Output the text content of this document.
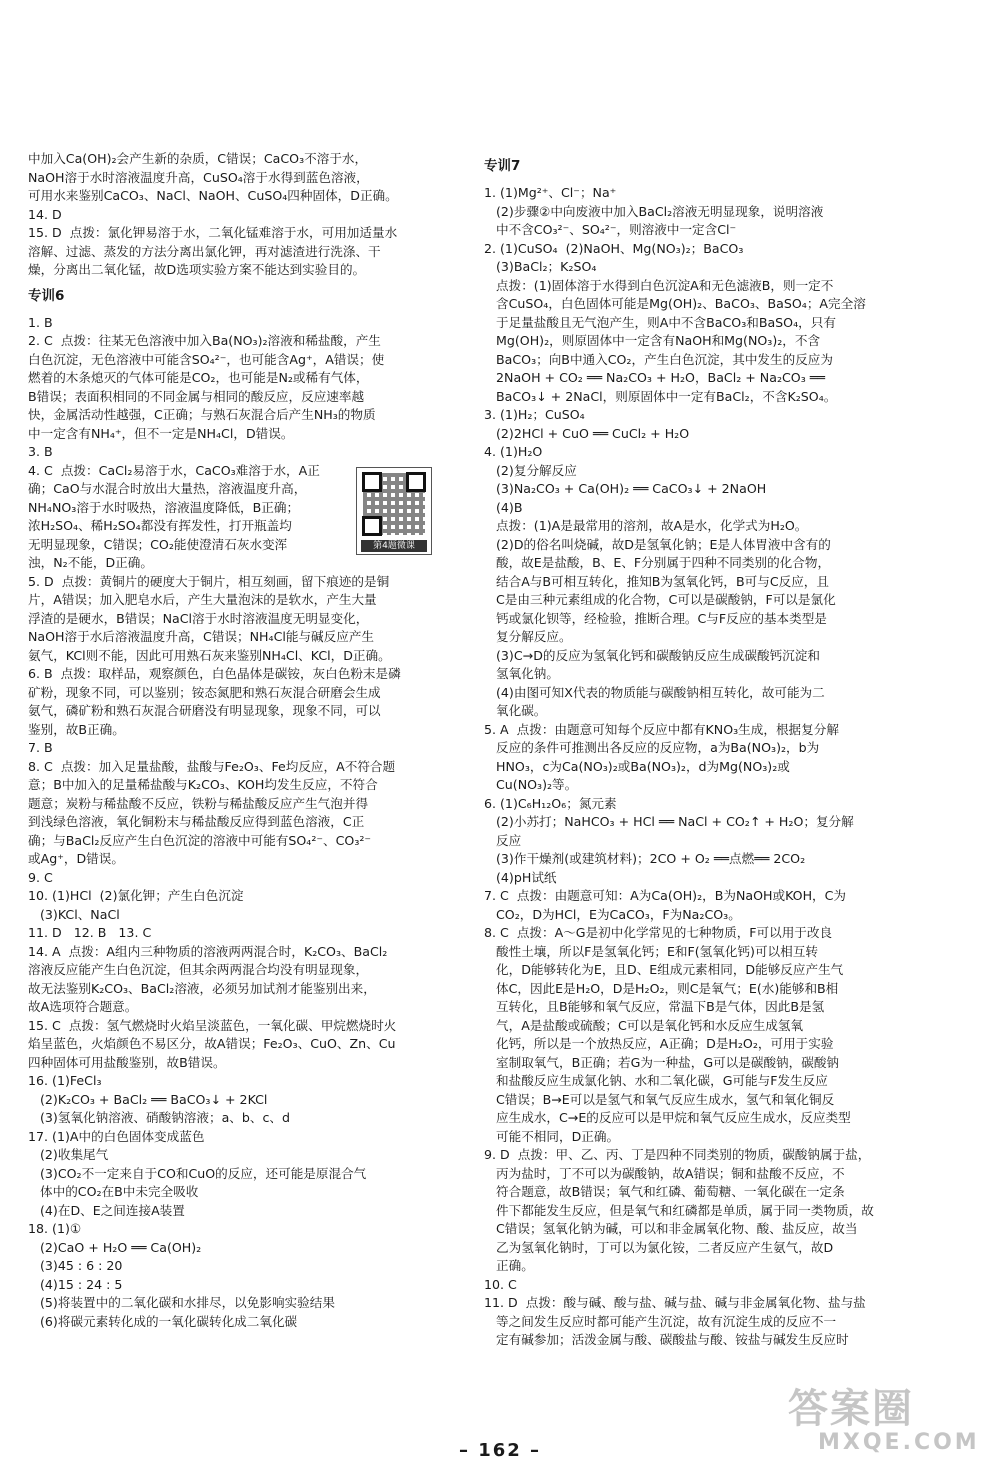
中加入Ca(OH)₂会产生新的杂质，C错误；CaCO₃不溶于水，
NaOH溶于水时溶液温度升高，CuSO₄溶于水得到蓝色溶液，
可用水来鉴别CaCO₃、NaCl、NaOH、CuSO₄四种固体，D正确。
14. D
15. D  点拨：氯化钾易溶于水，二氧化锰难溶于水，可用加适量水
溶解、过滤、蒸发的方法分离出氯化钾，再对滤渣进行洗涤、干
燥，分离出二氧化锰，故D选项实验方案不能达到实验目的。
专训6
1. B
2. C  点拨：往某无色溶液中加入Ba(NO₃)₂溶液和稀盐酸，产生
白色沉淀，无色溶液中可能含SO₄²⁻，也可能含Ag⁺，A错误；使
燃着的木条熄灭的气体可能是CO₂，也可能是N₂或稀有气体，
B错误；表面积相同的不同金属与相同的酸反应，反应速率越
快，金属活动性越强，C正确；与熟石灰混合后产生NH₃的物质
中一定含有NH₄⁺，但不一定是NH₄Cl，D错误。
3. B
4. C  点拨：CaCl₂易溶于水，CaCO₃难溶于水，A正
确；CaO与水混合时放出大量热，溶液温度升高，
NH₄NO₃溶于水时吸热，溶液温度降低，B正确；
浓H₂SO₄、稀H₂SO₄都没有挥发性，打开瓶盖均
无明显现象，C错误；CO₂能使澄清石灰水变浑
浊，N₂不能，D正确。
5. D  点拨：黄铜片的硬度大于铜片，相互刻画，留下痕迹的是铜
片，A错误；加入肥皂水后，产生大量泡沫的是软水，产生大量
浮渣的是硬水，B错误；NaCl溶于水时溶液温度无明显变化，
NaOH溶于水后溶液温度升高，C错误；NH₄Cl能与碱反应产生
氨气，KCl则不能，因此可用熟石灰来鉴别NH₄Cl、KCl，D正确。
6. B  点拨：取样品，观察颜色，白色晶体是碳铵，灰白色粉末是磷
矿粉，现象不同，可以鉴别；铵态氮肥和熟石灰混合研磨会生成
氨气，磷矿粉和熟石灰混合研磨没有明显现象，现象不同，可以
鉴别，故B正确。
7. B
8. C  点拨：加入足量盐酸，盐酸与Fe₂O₃、Fe均反应，A不符合题
意；B中加入的足量稀盐酸与K₂CO₃、KOH均发生反应，不符合
题意；炭粉与稀盐酸不反应，铁粉与稀盐酸反应产生气泡并得
到浅绿色溶液，氧化铜粉末与稀盐酸反应得到蓝色溶液，C正
确；与BaCl₂反应产生白色沉淀的溶液中可能有SO₄²⁻、CO₃²⁻
或Ag⁺，D错误。
9. C
10. (1)HCl  (2)氯化钾；产生白色沉淀
(3)KCl、NaCl
11. D   12. B   13. C
14. A  点拨：A组内三种物质的溶液两两混合时，K₂CO₃、BaCl₂
溶液反应能产生白色沉淀，但其余两两混合均没有明显现象，
故无法鉴别K₂CO₃、BaCl₂溶液，必须另加试剂才能鉴别出来，
故A选项符合题意。
15. C  点拨：氢气燃烧时火焰呈淡蓝色，一氧化碳、甲烷燃烧时火
焰呈蓝色，火焰颜色不易区分，故A错误；Fe₂O₃、CuO、Zn、Cu
四种固体可用盐酸鉴别，故B错误。
16. (1)FeCl₃
(2)K₂CO₃ + BaCl₂ ══ BaCO₃↓ + 2KCl
(3)氢氧化钠溶液、硝酸钠溶液；a、b、c、d
17. (1)A中的白色固体变成蓝色
(2)收集尾气
(3)CO₂不一定来自于CO和CuO的反应，还可能是原混合气
体中的CO₂在B中未完全吸收
(4)在D、E之间连接A装置
18. (1)①
(2)CaO + H₂O ══ Ca(OH)₂
(3)45 : 6 : 20
(4)15 : 24 : 5
(5)将装置中的二氧化碳和水排尽，以免影响实验结果
(6)将碳元素转化成的一氧化碳转化成二氧化碳
专训7
1. (1)Mg²⁺、Cl⁻；Na⁺
(2)步骤②中向废液中加入BaCl₂溶液无明显现象，说明溶液
中不含CO₃²⁻、SO₄²⁻，则溶液中一定含Cl⁻
2. (1)CuSO₄  (2)NaOH、Mg(NO₃)₂；BaCO₃
(3)BaCl₂；K₂SO₄
点拨：(1)固体溶于水得到白色沉淀A和无色滤液B，则一定不
含CuSO₄，白色固体可能是Mg(OH)₂、BaCO₃、BaSO₄；A完全溶
于足量盐酸且无气泡产生，则A中不含BaCO₃和BaSO₄，只有
Mg(OH)₂，则原固体中一定含有NaOH和Mg(NO₃)₂，不含
BaCO₃；向B中通入CO₂，产生白色沉淀，其中发生的反应为
2NaOH + CO₂ ══ Na₂CO₃ + H₂O，BaCl₂ + Na₂CO₃ ══
BaCO₃↓ + 2NaCl，则原固体中一定有BaCl₂，不含K₂SO₄。
3. (1)H₂；CuSO₄
(2)2HCl + CuO ══ CuCl₂ + H₂O
4. (1)H₂O
(2)复分解反应
(3)Na₂CO₃ + Ca(OH)₂ ══ CaCO₃↓ + 2NaOH
(4)B
点拨：(1)A是最常用的溶剂，故A是水，化学式为H₂O。
(2)D的俗名叫烧碱，故D是氢氧化钠；E是人体胃液中含有的
酸，故E是盐酸，B、E、F分别属于四种不同类别的化合物，
结合A与B可相互转化，推知B为氢氧化钙，B可与C反应，且
C是由三种元素组成的化合物，C可以是碳酸钠，F可以是氯化
钙或氯化钡等，经检验，推断合理。C与F反应的基本类型是
复分解反应。
(3)C→D的反应为氢氧化钙和碳酸钠反应生成碳酸钙沉淀和
氢氧化钠。
(4)由图可知X代表的物质能与碳酸钠相互转化，故可能为二
氧化碳。
5. A  点拨：由题意可知每个反应中都有KNO₃生成，根据复分解
反应的条件可推测出各反应的反应物，a为Ba(NO₃)₂，b为
HNO₃，c为Ca(NO₃)₂或Ba(NO₃)₂，d为Mg(NO₃)₂或
Cu(NO₃)₂等。
6. (1)C₆H₁₂O₆；氮元素
(2)小苏打；NaHCO₃ + HCl ══ NaCl + CO₂↑ + H₂O；复分解
反应
(3)作干燥剂(或建筑材料)；2CO + O₂ ══点燃══ 2CO₂
(4)pH试纸
7. C  点拨：由题意可知：A为Ca(OH)₂，B为NaOH或KOH，C为
CO₂，D为HCl，E为CaCO₃，F为Na₂CO₃。
8. C  点拨：A～G是初中化学常见的七种物质，F可以用于改良
酸性土壤，所以F是氢氧化钙；E和F(氢氧化钙)可以相互转
化，D能够转化为E，且D、E组成元素相同，D能够反应产生气
体C，因此E是H₂O，D是H₂O₂，则C是氧气；E(水)能够和B相
互转化，且B能够和氧气反应，常温下B是气体，因此B是氢
气，A是盐酸或硫酸；C可以是氧化钙和水反应生成氢氧
化钙，所以是一个放热反应，A正确；D是H₂O₂，可用于实验
室制取氧气，B正确；若G为一种盐，G可以是碳酸钠，碳酸钠
和盐酸反应生成氯化钠、水和二氧化碳，G可能与F发生反应
C错误；B→E可以是氢气和氧气反应生成水，氢气和氧化铜反
应生成水，C→E的反应可以是甲烷和氧气反应生成水，反应类型
可能不相同，D正确。
9. D  点拨：甲、乙、丙、丁是四种不同类别的物质，碳酸钠属于盐，
丙为盐时，丁不可以为碳酸钠，故A错误；铜和盐酸不反应，不
符合题意，故B错误；氧气和红磷、葡萄糖、一氧化碳在一定条
件下都能发生反应，但是氧气和红磷都是单质，属于同一类物质，故
C错误；氢氧化钠为碱，可以和非金属氧化物、酸、盐反应，故当
乙为氢氧化钠时，丁可以为氯化铵，二者反应产生氨气，故D
正确。
10. C
11. D  点拨：酸与碱、酸与盐、碱与盐、碱与非金属氧化物、盐与盐
等之间发生反应时都可能产生沉淀，故有沉淀生成的反应不一
定有碱参加；活泼金属与酸、碳酸盐与酸、铵盐与碱发生反应时
第4题微课
– 162 –
答案圈
MXQE.COM
